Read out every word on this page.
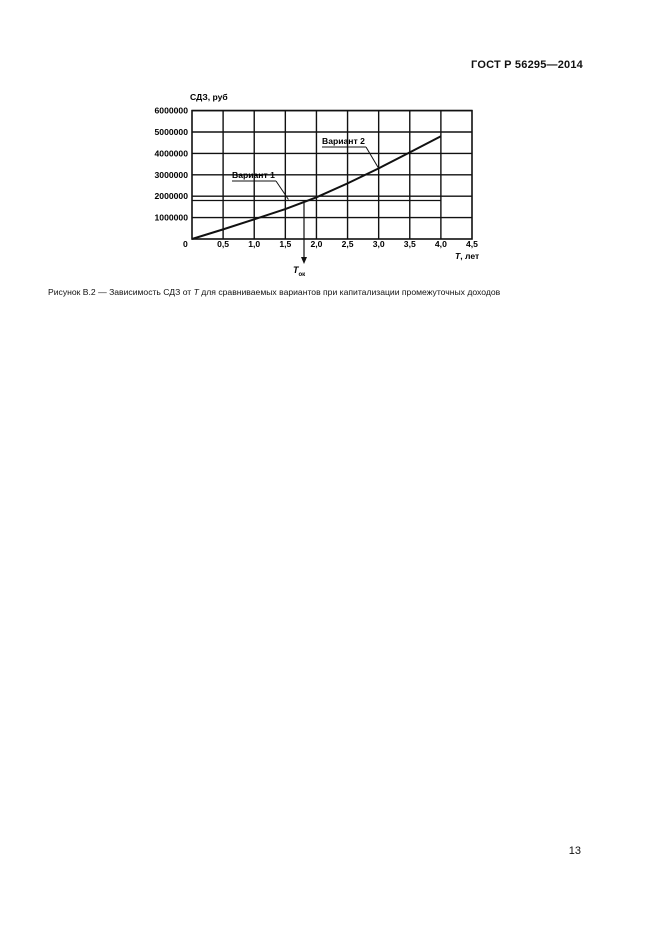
ГОСТ Р 56295—2014
0,5 1,0 1,5 2,0 2,5 3,0 3,5 4,0 4,5
1000000
2000000
3000000
4000000
5000000
6000000
СДЗ, руб
T, лет
0
Вариант 1
Вариант 2
$T_{ок}$
Рисунок В.2 — Зависимость СДЗ от T для сравниваемых вариантов при капитализации промежуточных доходов
13
